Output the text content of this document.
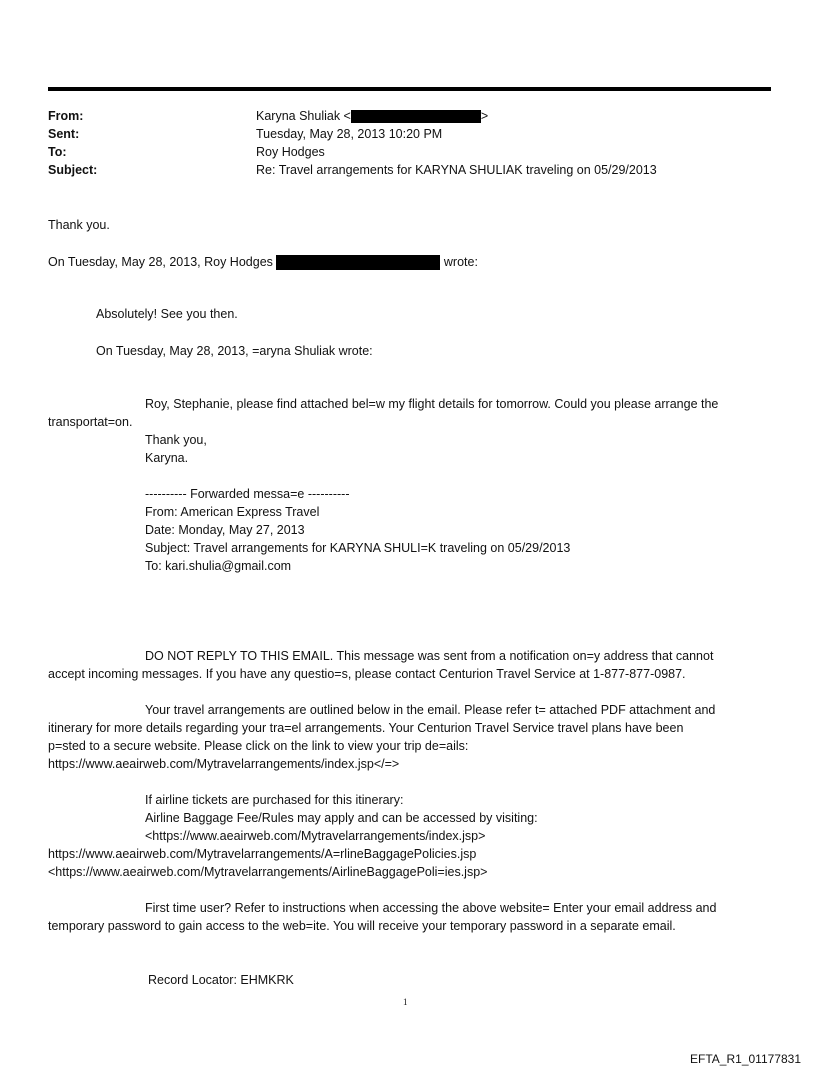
From:	Karyna Shuliak <	>
Sent:	Tuesday, May 28, 2013 10:20 PM
To:	Roy Hodges
Subject:	Re: Travel arrangements for KARYNA SHULIAK traveling on 05/29/2013
Thank you.
On Tuesday, May 28, 2013, Roy Hodges	wrote:
Absolutely! See you then.
On Tuesday, May 28, 2013, =aryna Shuliak wrote:
Roy, Stephanie, please find attached bel=w my flight details for tomorrow. Could you please arrange the
transportat=on.
Thank you,
Karyna.
---------- Forwarded messa=e ----------
From: American Express Travel
Date: Monday, May 27, 2013
Subject: Travel arrangements for KARYNA SHULI=K traveling on 05/29/2013
To: kari.shulia@gmail.com
DO NOT REPLY TO THIS EMAIL. This message was sent from a notification on=y address that cannot
accept incoming messages. If you have any questio=s, please contact Centurion Travel Service at 1-877-877-0987.
Your travel arrangements are outlined below in the email. Please refer t= attached PDF attachment and
itinerary for more details regarding your tra=el arrangements. Your Centurion Travel Service travel plans have been
p=sted to a secure website. Please click on the link to view your trip de=ails:
https://www.aeairweb.com/Mytravelarrangements/index.jsp</=>
If airline tickets are purchased for this itinerary:
Airline Baggage Fee/Rules may apply and can be accessed by visiting:
<https://www.aeairweb.com/Mytravelarrangements/index.jsp>
https://www.aeairweb.com/Mytravelarrangements/A=rlineBaggagePolicies.jsp
<https://www.aeairweb.com/Mytravelarrangements/AirlineBaggagePoli=ies.jsp>
First time user? Refer to instructions when accessing the above website= Enter your email address and
temporary password to gain access to the web=ite. You will receive your temporary password in a separate email.
Record Locator: EHMKRK
1
EFTA_R1_01177831
